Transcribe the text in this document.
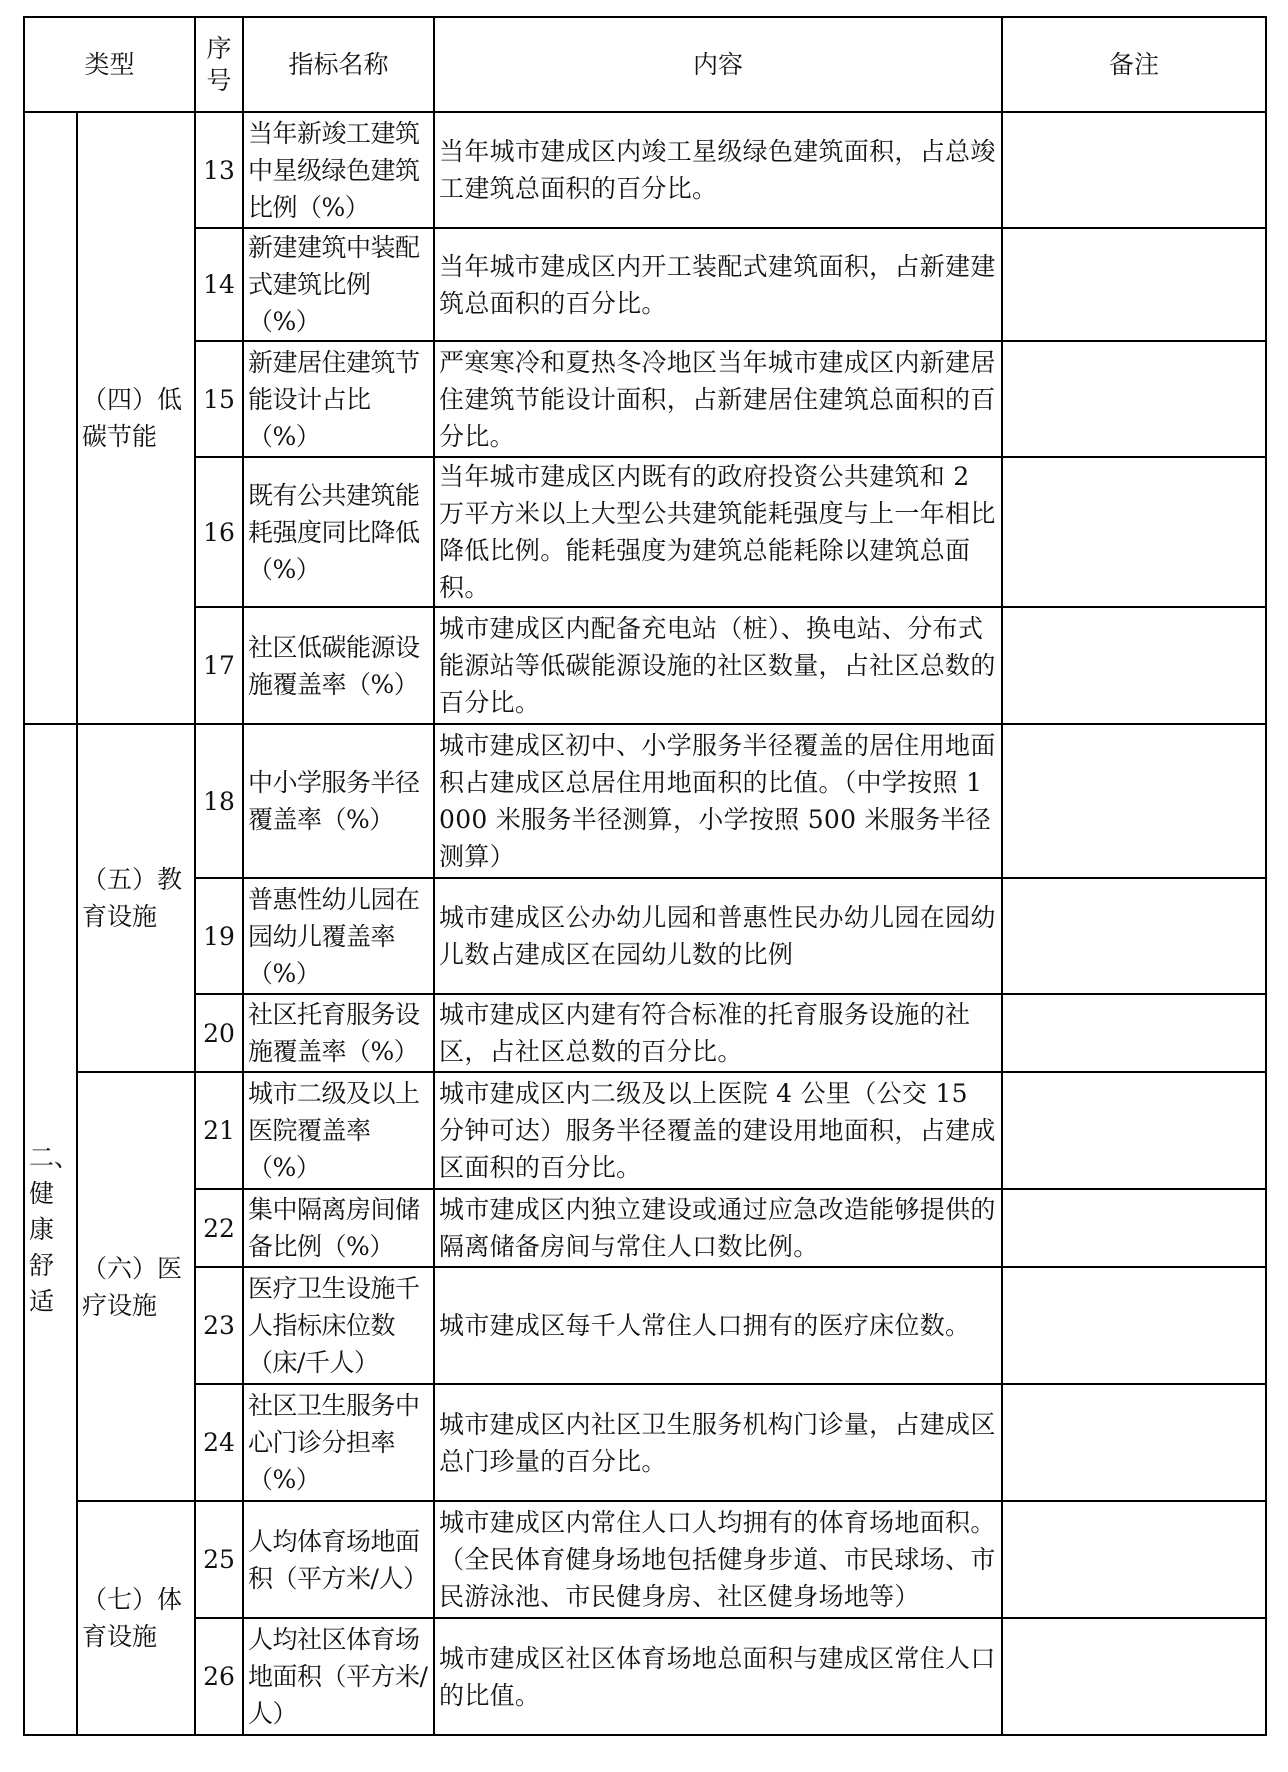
类型		序号	指标名称	内容	备注
	（四）低碳节能	13	当年新竣工建筑中星级绿色建筑比例（%）	当年城市建成区内竣工星级绿色建筑面积，占总竣工建筑总面积的百分比。	
		14	新建建筑中装配式建筑比例（%）	当年城市建成区内开工装配式建筑面积，占新建建筑总面积的百分比。	
		15	新建居住建筑节能设计占比（%）	严寒寒冷和夏热冬冷地区当年城市建成区内新建居住建筑节能设计面积，占新建居住建筑总面积的百分比。	
		16	既有公共建筑能耗强度同比降低（%）	当年城市建成区内既有的政府投资公共建筑和 2 万平方米以上大型公共建筑能耗强度与上一年相比降低比例。能耗强度为建筑总能耗除以建筑总面积。	
		17	社区低碳能源设施覆盖率（%）	城市建成区内配备充电站（桩）、换电站、分布式能源站等低碳能源设施的社区数量，占社区总数的百分比。	
二、健康舒适	（五）教育设施	18	中小学服务半径覆盖率（%）	城市建成区初中、小学服务半径覆盖的居住用地面积占建成区总居住用地面积的比值。（中学按照 1000 米服务半径测算，小学按照 500 米服务半径测算）	
		19	普惠性幼儿园在园幼儿覆盖率（%）	城市建成区公办幼儿园和普惠性民办幼儿园在园幼儿数占建成区在园幼儿数的比例	
		20	社区托育服务设施覆盖率（%）	城市建成区内建有符合标准的托育服务设施的社区，占社区总数的百分比。	
	（六）医疗设施	21	城市二级及以上医院覆盖率（%）	城市建成区内二级及以上医院 4 公里（公交 15 分钟可达）服务半径覆盖的建设用地面积，占建成区面积的百分比。	
		22	集中隔离房间储备比例（%）	城市建成区内独立建设或通过应急改造能够提供的隔离储备房间与常住人口数比例。	
		23	医疗卫生设施千人指标床位数（床/千人）	城市建成区每千人常住人口拥有的医疗床位数。	
		24	社区卫生服务中心门诊分担率（%）	城市建成区内社区卫生服务机构门诊量，占建成区总门珍量的百分比。	
	（七）体育设施	25	人均体育场地面积（平方米/人）	城市建成区内常住人口人均拥有的体育场地面积。（全民体育健身场地包括健身步道、市民球场、市民游泳池、市民健身房、社区健身场地等）	
		26	人均社区体育场地面积（平方米/人）	城市建成区社区体育场地总面积与建成区常住人口的比值。	
